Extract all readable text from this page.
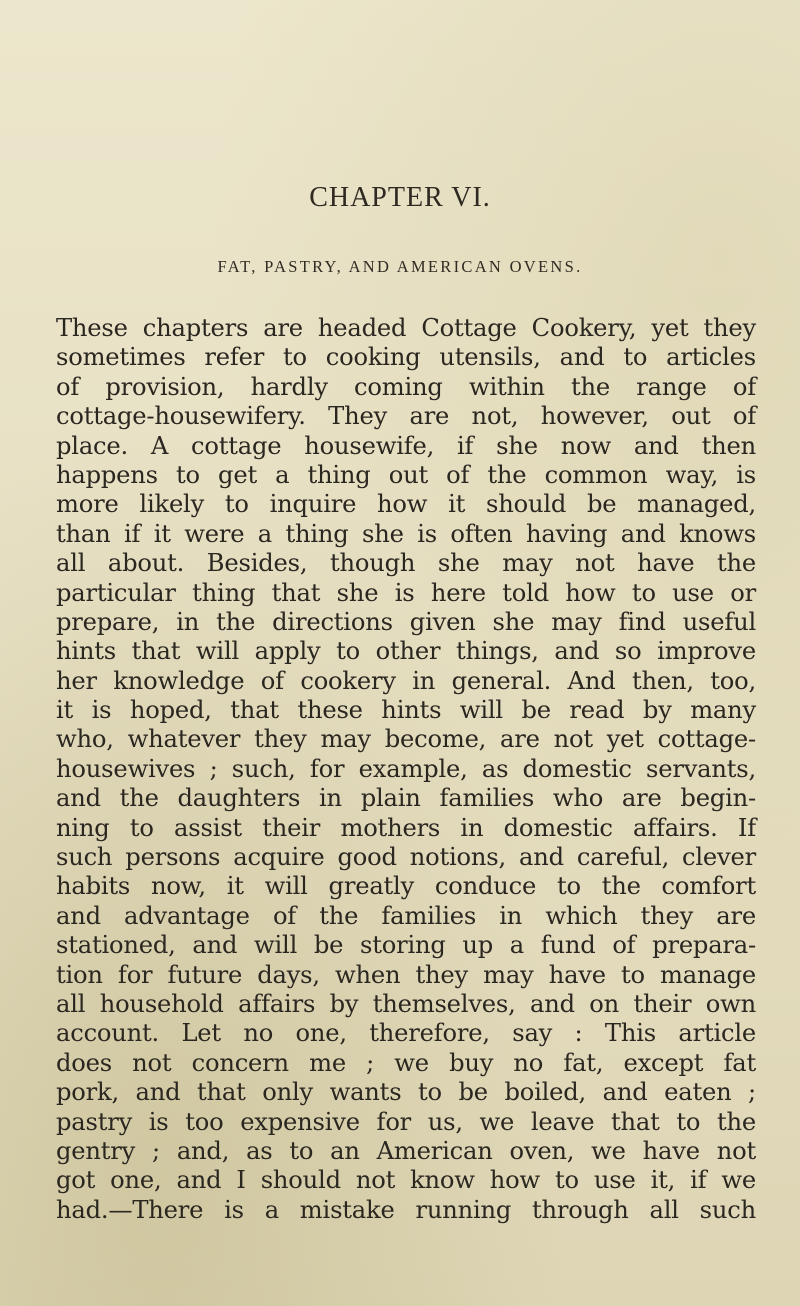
CHAPTER VI.
FAT, PASTRY, AND AMERICAN OVENS.
These chapters are headed Cottage Cookery, yet they
sometimes refer to cooking utensils, and to articles
of provision, hardly coming within the range of
cottage-housewifery. They are not, however, out of
place. A cottage housewife, if she now and then
happens to get a thing out of the common way, is
more likely to inquire how it should be managed,
than if it were a thing she is often having and knows
all about. Besides, though she may not have the
particular thing that she is here told how to use or
prepare, in the directions given she may find useful
hints that will apply to other things, and so improve
her knowledge of cookery in general. And then, too,
it is hoped, that these hints will be read by many
who, whatever they may become, are not yet cottage-
housewives ; such, for example, as domestic servants,
and the daughters in plain families who are begin-
ning to assist their mothers in domestic affairs. If
such persons acquire good notions, and careful, clever
habits now, it will greatly conduce to the comfort
and advantage of the families in which they are
stationed, and will be storing up a fund of prepara-
tion for future days, when they may have to manage
all household affairs by themselves, and on their own
account. Let no one, therefore, say : This article
does not concern me ; we buy no fat, except fat
pork, and that only wants to be boiled, and eaten ;
pastry is too expensive for us, we leave that to the
gentry ; and, as to an American oven, we have not
got one, and I should not know how to use it, if we
had.—There is a mistake running through all such
